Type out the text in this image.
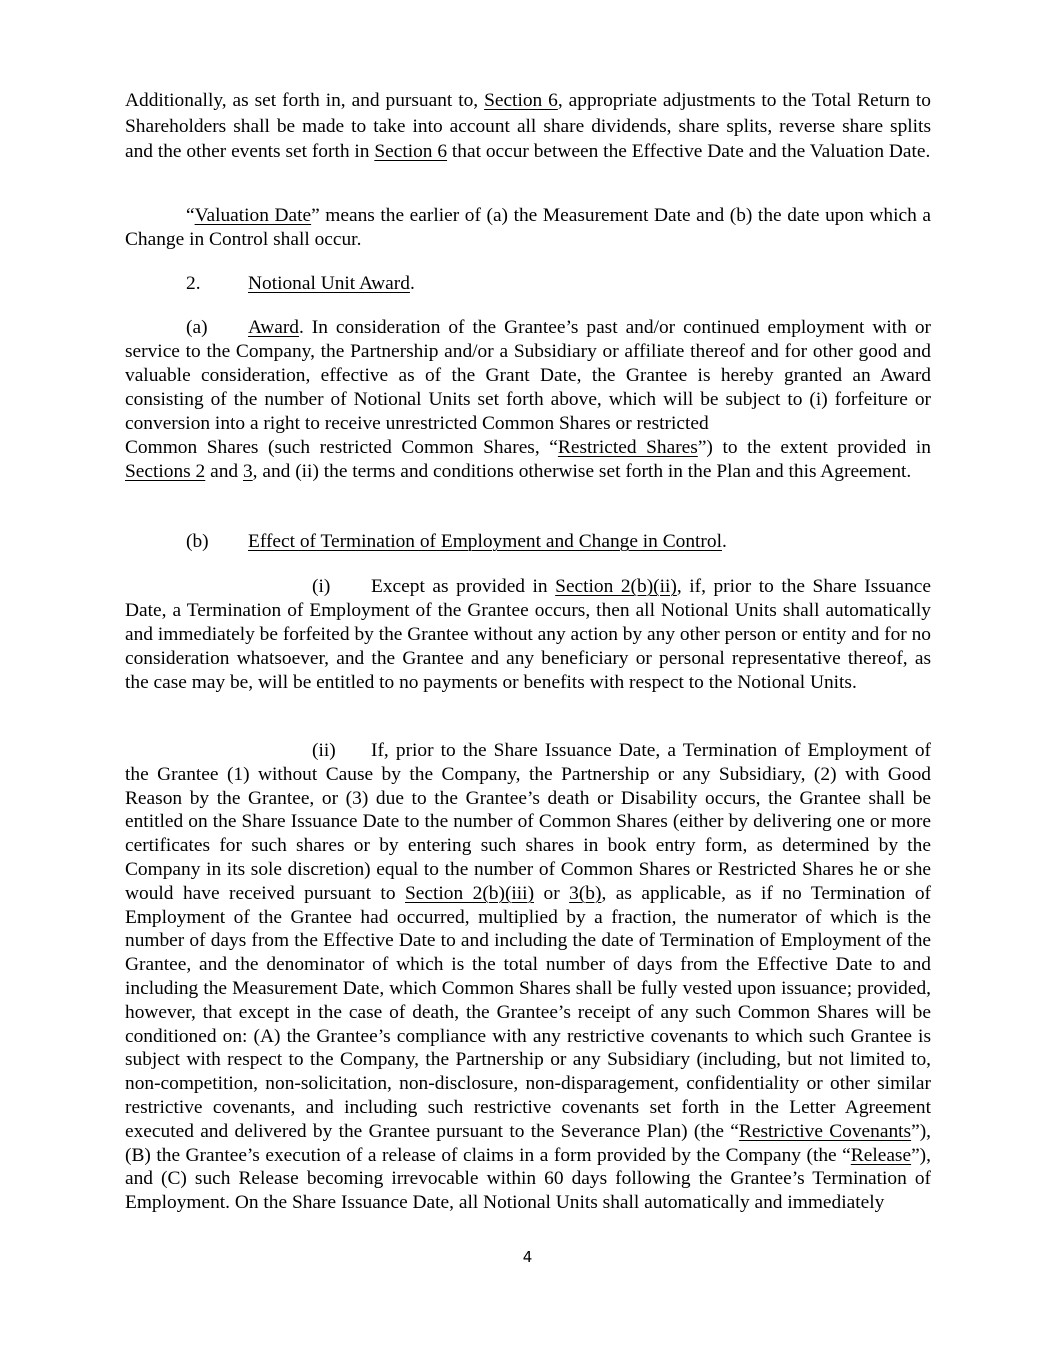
Additionally, as set forth in, and pursuant to, Section 6, appropriate adjustments to the Total Return to Shareholders shall be made to take into account all share dividends, share splits, reverse share splits and the other events set forth in Section 6 that occur between the Effective Date and the Valuation Date.

“Valuation Date” means the earlier of (a) the Measurement Date and (b) the date upon which a Change in Control shall occur.

2. Notional Unit Award.

(a) Award. In consideration of the Grantee’s past and/or continued employment with or service to the Company, the Partnership and/or a Subsidiary or affiliate thereof and for other good and valuable consideration, effective as of the Grant Date, the Grantee is hereby granted an Award consisting of the number of Notional Units set forth above, which will be subject to (i) forfeiture or conversion into a right to receive unrestricted Common Shares or restricted

Common Shares (such restricted Common Shares, “Restricted Shares”) to the extent provided in Sections 2 and 3, and (ii) the terms and conditions otherwise set forth in the Plan and this Agreement.

(b) Effect of Termination of Employment and Change in Control.

(i) Except as provided in Section 2(b)(ii), if, prior to the Share Issuance Date, a Termination of Employment of the Grantee occurs, then all Notional Units shall automatically and immediately be forfeited by the Grantee without any action by any other person or entity and for no consideration whatsoever, and the Grantee and any beneficiary or personal representative thereof, as the case may be, will be entitled to no payments or benefits with respect to the Notional Units.

(ii) If, prior to the Share Issuance Date, a Termination of Employment of the Grantee (1) without Cause by the Company, the Partnership or any Subsidiary, (2) with Good Reason by the Grantee, or (3) due to the Grantee’s death or Disability occurs, the Grantee shall be entitled on the Share Issuance Date to the number of Common Shares (either by delivering one or more certificates for such shares or by entering such shares in book entry form, as determined by the Company in its sole discretion) equal to the number of Common Shares or Restricted Shares he or she would have received pursuant to Section 2(b)(iii) or 3(b), as applicable, as if no Termination of Employment of the Grantee had occurred, multiplied by a fraction, the numerator of which is the number of days from the Effective Date to and including the date of Termination of Employment of the Grantee, and the denominator of which is the total number of days from the Effective Date to and including the Measurement Date, which Common Shares shall be fully vested upon issuance; provided, however, that except in the case of death, the Grantee’s receipt of any such Common Shares will be conditioned on: (A) the Grantee’s compliance with any restrictive covenants to which such Grantee is subject with respect to the Company, the Partnership or any Subsidiary (including, but not limited to, non-competition, non-solicitation, non-disclosure, non-disparagement, confidentiality or other similar restrictive covenants, and including such restrictive covenants set forth in the Letter Agreement executed and delivered by the Grantee pursuant to the Severance Plan) (the “Restrictive Covenants”), (B) the Grantee’s execution of a release of claims in a form provided by the Company (the “Release”), and (C) such Release becoming irrevocable within 60 days following the Grantee’s Termination of Employment. On the Share Issuance Date, all Notional Units shall automatically and immediately

4
